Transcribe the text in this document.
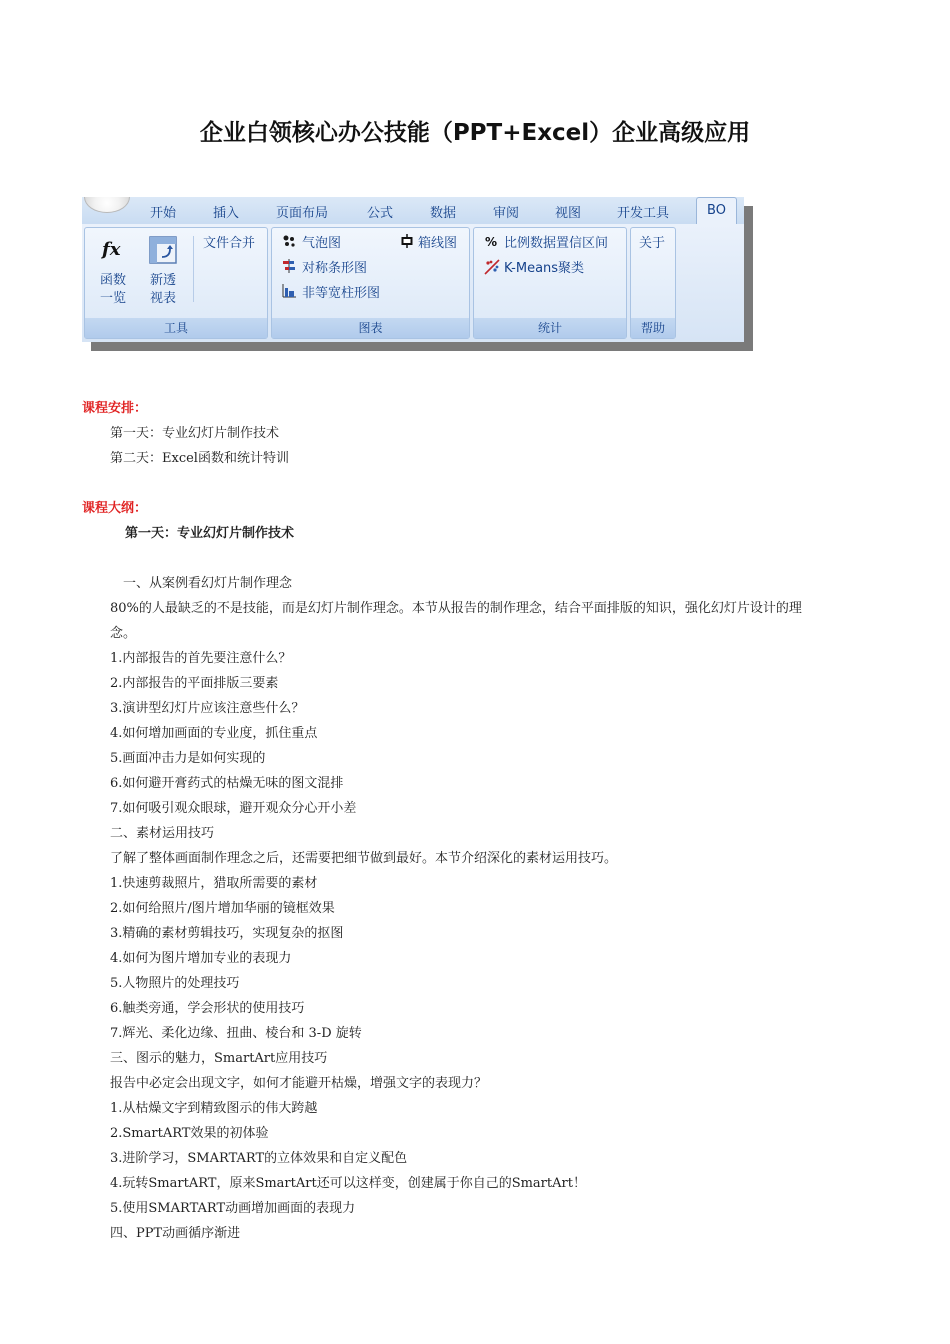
企业白领核心办公技能（PPT+Excel）企业高级应用
开始	插入	页面布局	公式	数据	审阅	视图	开发工具	BO
fx
函数
一览
新透
视表
文件合并
工具
气泡图	箱线图
对称条形图
非等宽柱形图
图表
% 比例数据置信区间
K-Means聚类
统计
关于
帮助
课程安排：
第一天：专业幻灯片制作技术
第二天：Excel函数和统计特训
课程大纲：
第一天：专业幻灯片制作技术
一、从案例看幻灯片制作理念
80%的人最缺乏的不是技能，而是幻灯片制作理念。本节从报告的制作理念，结合平面排版的知识，强化幻灯片设计的理
念。
1.内部报告的首先要注意什么？
2.内部报告的平面排版三要素
3.演讲型幻灯片应该注意些什么？
4.如何增加画面的专业度，抓住重点
5.画面冲击力是如何实现的
6.如何避开膏药式的枯燥无味的图文混排
7.如何吸引观众眼球，避开观众分心开小差
二、素材运用技巧
了解了整体画面制作理念之后，还需要把细节做到最好。本节介绍深化的素材运用技巧。
1.快速剪裁照片，猎取所需要的素材
2.如何给照片/图片增加华丽的镜框效果
3.精确的素材剪辑技巧，实现复杂的抠图
4.如何为图片增加专业的表现力
5.人物照片的处理技巧
6.触类旁通，学会形状的使用技巧
7.辉光、柔化边缘、扭曲、棱台和 3-D 旋转
三、图示的魅力，SmartArt应用技巧
报告中必定会出现文字，如何才能避开枯燥，增强文字的表现力？
1.从枯燥文字到精致图示的伟大跨越
2.SmartART效果的初体验
3.进阶学习，SMARTART的立体效果和自定义配色
4.玩转SmartART，原来SmartArt还可以这样变，创建属于你自己的SmartArt！
5.使用SMARTART动画增加画面的表现力
四、PPT动画循序渐进
